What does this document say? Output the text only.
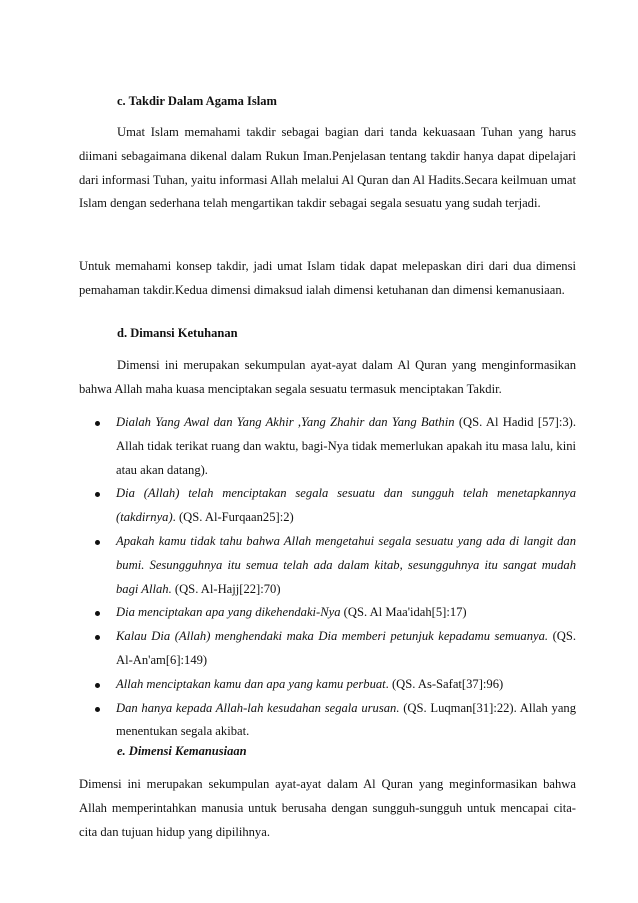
c. Takdir Dalam Agama Islam

Umat Islam memahami takdir sebagai bagian dari tanda kekuasaan Tuhan yang harus diimani sebagaimana dikenal dalam Rukun Iman.Penjelasan tentang takdir hanya dapat dipelajari dari informasi Tuhan, yaitu informasi Allah melalui Al Quran dan Al Hadits.Secara keilmuan umat Islam dengan sederhana telah mengartikan takdir sebagai segala sesuatu yang sudah terjadi.

Untuk memahami konsep takdir, jadi umat Islam tidak dapat melepaskan diri dari dua dimensi pemahaman takdir.Kedua dimensi dimaksud ialah dimensi ketuhanan dan dimensi kemanusiaan.

d. Dimansi Ketuhanan

Dimensi ini merupakan sekumpulan ayat-ayat dalam Al Quran yang menginformasikan bahwa Allah maha kuasa menciptakan segala sesuatu termasuk menciptakan Takdir.

Dialah Yang Awal dan Yang Akhir ,Yang Zhahir dan Yang Bathin (QS. Al Hadid [57]:3). Allah tidak terikat ruang dan waktu, bagi-Nya tidak memerlukan apakah itu masa lalu, kini atau akan datang).
Dia (Allah) telah menciptakan segala sesuatu dan sungguh telah menetapkannya (takdirnya). (QS. Al-Furqaan25]:2)
Apakah kamu tidak tahu bahwa Allah mengetahui segala sesuatu yang ada di langit dan bumi. Sesungguhnya itu semua telah ada dalam kitab, sesungguhnya itu sangat mudah bagi Allah. (QS. Al-Hajj[22]:70)
Dia menciptakan apa yang dikehendaki-Nya (QS. Al Maa'idah[5]:17)
Kalau Dia (Allah) menghendaki maka Dia memberi petunjuk kepadamu semuanya. (QS. Al-An'am[6]:149)
Allah menciptakan kamu dan apa yang kamu perbuat. (QS. As-Safat[37]:96)
Dan hanya kepada Allah-lah kesudahan segala urusan. (QS. Luqman[31]:22). Allah yang menentukan segala akibat.
e. Dimensi Kemanusiaan

Dimensi ini merupakan sekumpulan ayat-ayat dalam Al Quran yang meginformasikan bahwa Allah memperintahkan manusia untuk berusaha dengan sungguh-sungguh untuk mencapai cita-cita dan tujuan hidup yang dipilihnya.
